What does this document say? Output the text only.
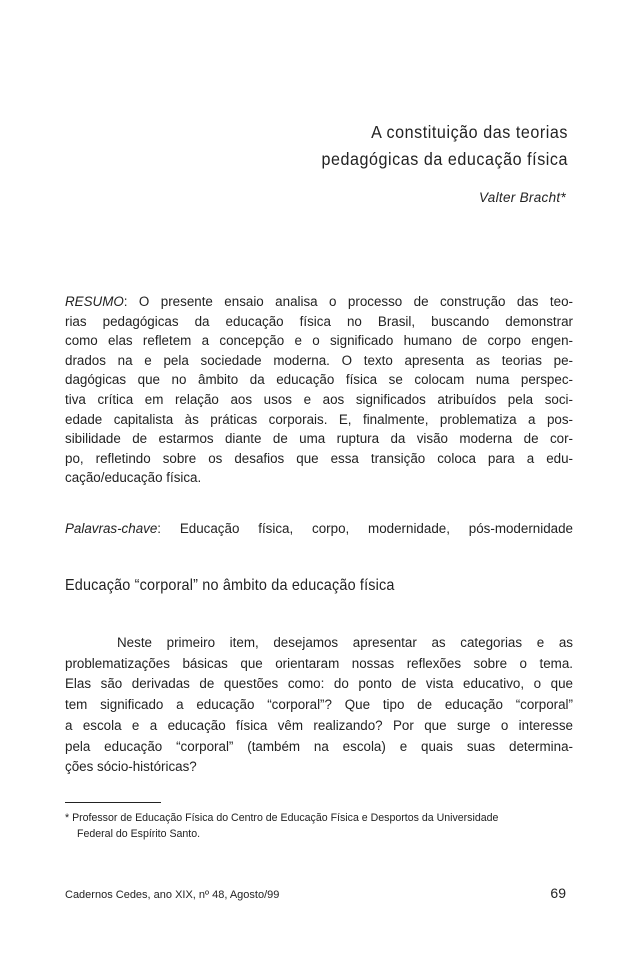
A constituição das teorias
pedagógicas da educação física
Valter Bracht*
RESUMO: O presente ensaio analisa o processo de construção das teo-
rias pedagógicas da educação física no Brasil, buscando demonstrar
como elas refletem a concepção e o significado humano de corpo engen-
drados na e pela sociedade moderna. O texto apresenta as teorias pe-
dagógicas que no âmbito da educação física se colocam numa perspec-
tiva crítica em relação aos usos e aos significados atribuídos pela soci-
edade capitalista às práticas corporais. E, finalmente, problematiza a pos-
sibilidade de estarmos diante de uma ruptura da visão moderna de cor-
po, refletindo sobre os desafios que essa transição coloca para a edu-
cação/educação física.
Palavras-chave: Educação física, corpo, modernidade, pós-modernidade
Educação “corporal” no âmbito da educação física
Neste primeiro item, desejamos apresentar as categorias e as
problematizações básicas que orientaram nossas reflexões sobre o tema.
Elas são derivadas de questões como: do ponto de vista educativo, o que
tem significado a educação “corporal”? Que tipo de educação “corporal”
a escola e a educação física vêm realizando? Por que surge o interesse
pela educação “corporal” (também na escola) e quais suas determina-
ções sócio-históricas?
* Professor de Educação Física do Centro de Educação Física e Desportos da Universidade
Federal do Espírito Santo.
Cadernos Cedes, ano XIX, nº 48, Agosto/99	69
